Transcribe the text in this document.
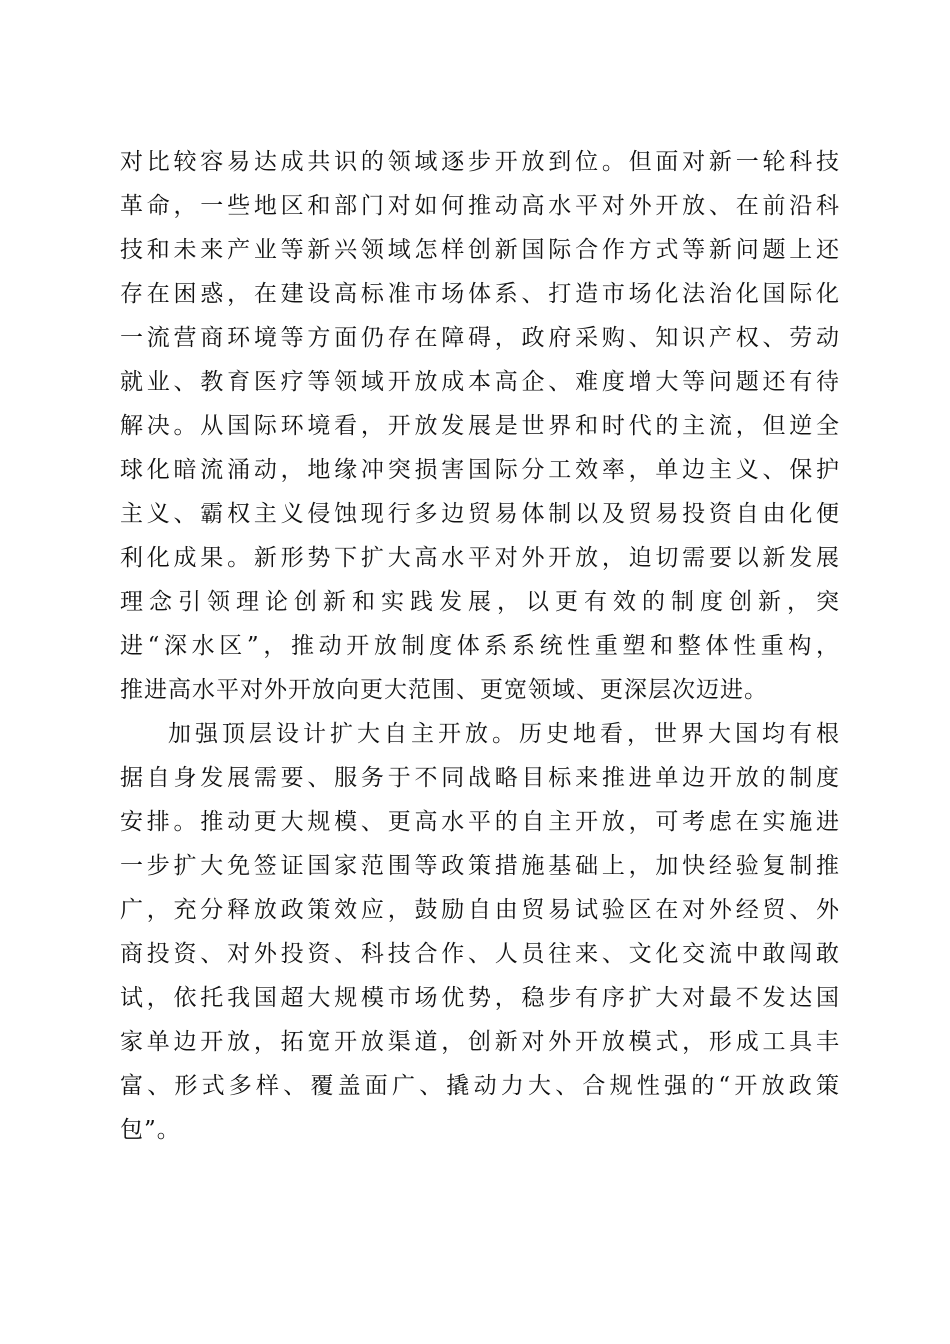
对比较容易达成共识的领域逐步开放到位。但面对新一轮科技
革命，一些地区和部门对如何推动高水平对外开放、在前沿科
技和未来产业等新兴领域怎样创新国际合作方式等新问题上还
存在困惑，在建设高标准市场体系、打造市场化法治化国际化
一流营商环境等方面仍存在障碍，政府采购、知识产权、劳动
就业、教育医疗等领域开放成本高企、难度增大等问题还有待
解决。从国际环境看，开放发展是世界和时代的主流，但逆全
球化暗流涌动，地缘冲突损害国际分工效率，单边主义、保护
主义、霸权主义侵蚀现行多边贸易体制以及贸易投资自由化便
利化成果。新形势下扩大高水平对外开放，迫切需要以新发展
理念引领理论创新和实践发展，以更有效的制度创新，突
进“深水区”，推动开放制度体系系统性重塑和整体性重构，
推进高水平对外开放向更大范围、更宽领域、更深层次迈进。
加强顶层设计扩大自主开放。历史地看，世界大国均有根
据自身发展需要、服务于不同战略目标来推进单边开放的制度
安排。推动更大规模、更高水平的自主开放，可考虑在实施进
一步扩大免签证国家范围等政策措施基础上，加快经验复制推
广，充分释放政策效应，鼓励自由贸易试验区在对外经贸、外
商投资、对外投资、科技合作、人员往来、文化交流中敢闯敢
试，依托我国超大规模市场优势，稳步有序扩大对最不发达国
家单边开放，拓宽开放渠道，创新对外开放模式，形成工具丰
富、形式多样、覆盖面广、撬动力大、合规性强的“开放政策
包”。
